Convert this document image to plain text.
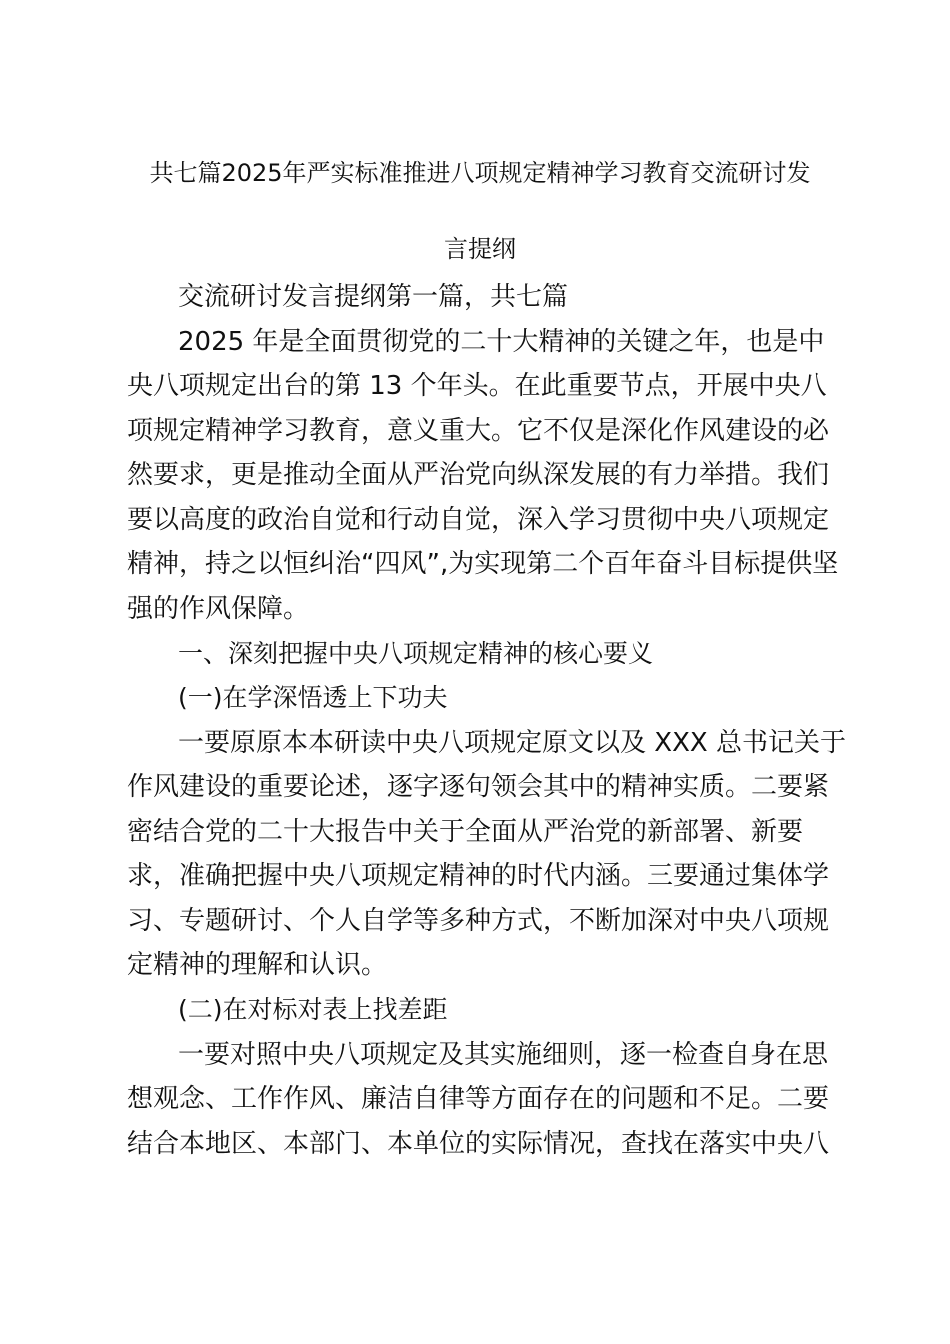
共七篇2025年严实标准推进八项规定精神学习教育交流研讨发
言提纲
交流研讨发言提纲第一篇，共七篇
2025 年是全面贯彻党的二十大精神的关键之年，也是中
央八项规定出台的第 13 个年头。在此重要节点，开展中央八
项规定精神学习教育，意义重大。它不仅是深化作风建设的必
然要求，更是推动全面从严治党向纵深发展的有力举措。我们
要以高度的政治自觉和行动自觉，深入学习贯彻中央八项规定
精神，持之以恒纠治“四风”,为实现第二个百年奋斗目标提供坚
强的作风保障。
一、深刻把握中央八项规定精神的核心要义
(一)在学深悟透上下功夫
一要原原本本研读中央八项规定原文以及 XXX 总书记关于
作风建设的重要论述，逐字逐句领会其中的精神实质。二要紧
密结合党的二十大报告中关于全面从严治党的新部署、新要
求，准确把握中央八项规定精神的时代内涵。三要通过集体学
习、专题研讨、个人自学等多种方式，不断加深对中央八项规
定精神的理解和认识。
(二)在对标对表上找差距
一要对照中央八项规定及其实施细则，逐一检查自身在思
想观念、工作作风、廉洁自律等方面存在的问题和不足。二要
结合本地区、本部门、本单位的实际情况，查找在落实中央八
